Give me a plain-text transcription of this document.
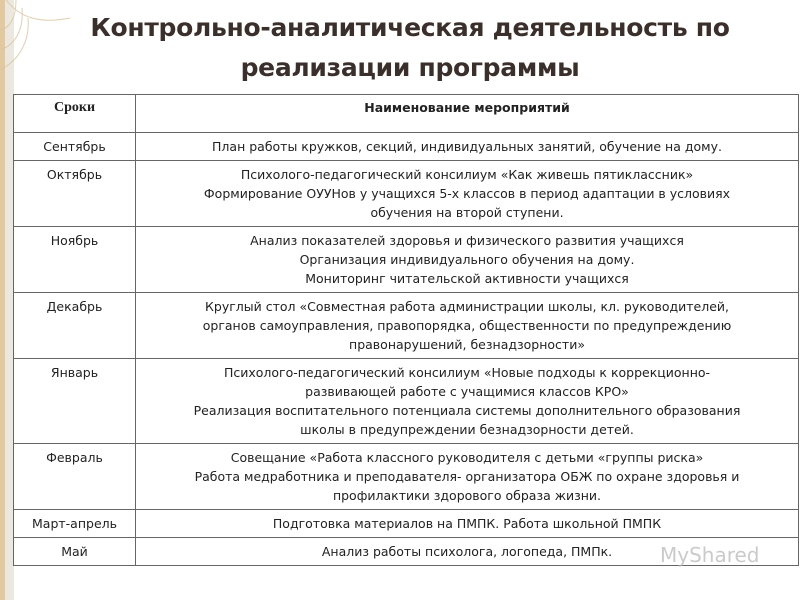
Контрольно-аналитическая деятельность по
реализации программы
Сроки	Наименование мероприятий
Сентябрь	План работы кружков, секций, индивидуальных занятий, обучение на дому.

Октябрь	Психолого-педагогический консилиум «Как живешь пятиклассник»
Формирование ОУУНов у учащихся 5-х классов в период адаптации в условиях
обучения на второй ступени.

Ноябрь	Анализ показателей здоровья и физического развития учащихся
Организация индивидуального обучения на дому.
Мониторинг читательской активности учащихся

Декабрь	Круглый стол «Совместная работа администрации школы, кл. руководителей,
органов самоуправления, правопорядка, общественности по предупреждению
правонарушений, безнадзорности»

Январь	Психолого-педагогический консилиум «Новые подходы к коррекционно-
развивающей работе с учащимися классов КРО»
Реализация воспитательного потенциала системы дополнительного образования
школы в предупреждении безнадзорности детей.

Февраль	Совещание «Работа классного руководителя с детьми «группы риска»
Работа медработника и преподавателя- организатора ОБЖ по охране здоровья и
профилактики здорового образа жизни.

Март-апрель	Подготовка материалов на ПМПК. Работа школьной ПМПК

Май	Анализ работы психолога, логопеда, ПМПк.	MyShared
